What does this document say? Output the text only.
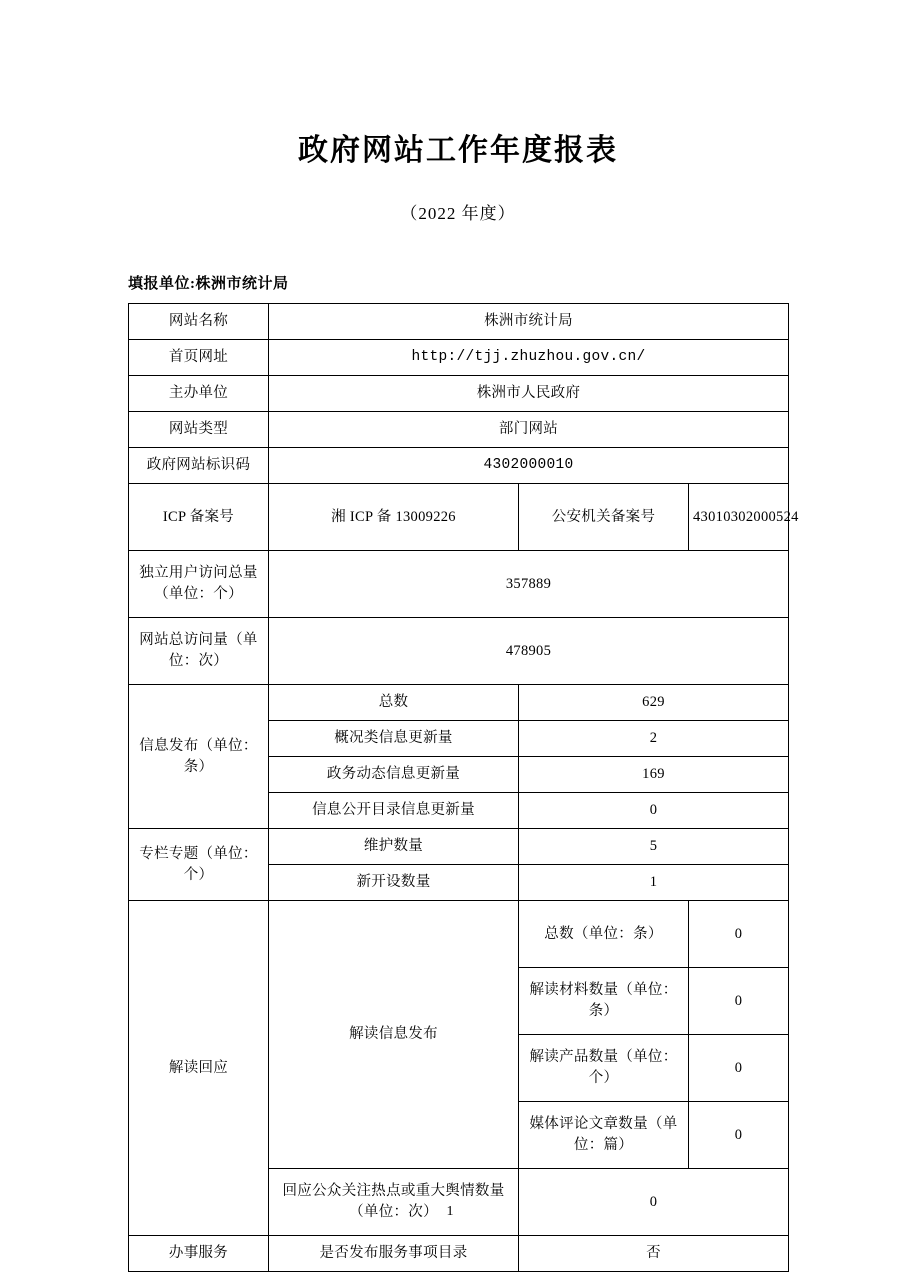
政府网站工作年度报表
（2022 年度）
填报单位:株洲市统计局
网站名称	株洲市统计局		
首页网址	http://tjj.zhuzhou.gov.cn/		
主办单位	株洲市人民政府		
网站类型	部门网站		
政府网站标识码	4302000010		
ICP 备案号	湘 ICP 备 13009226	公安机关备案号	43010302000524
独立用户访问总量（单位：个）	357889		
网站总访问量（单位：次）	478905		
信息发布（单位：条）	总数	629	
	概况类信息更新量	2	
	政务动态信息更新量	169	
	信息公开目录信息更新量	0	
专栏专题（单位：个）	维护数量	5	
	新开设数量	1	
解读回应	解读信息发布	总数（单位：条）	0
		解读材料数量（单位：条）	0
		解读产品数量（单位：个）	0
		媒体评论文章数量（单位：篇）	0
	回应公众关注热点或重大舆情数量（单位：次）	0	
办事服务	是否发布服务事项目录	否	
1
